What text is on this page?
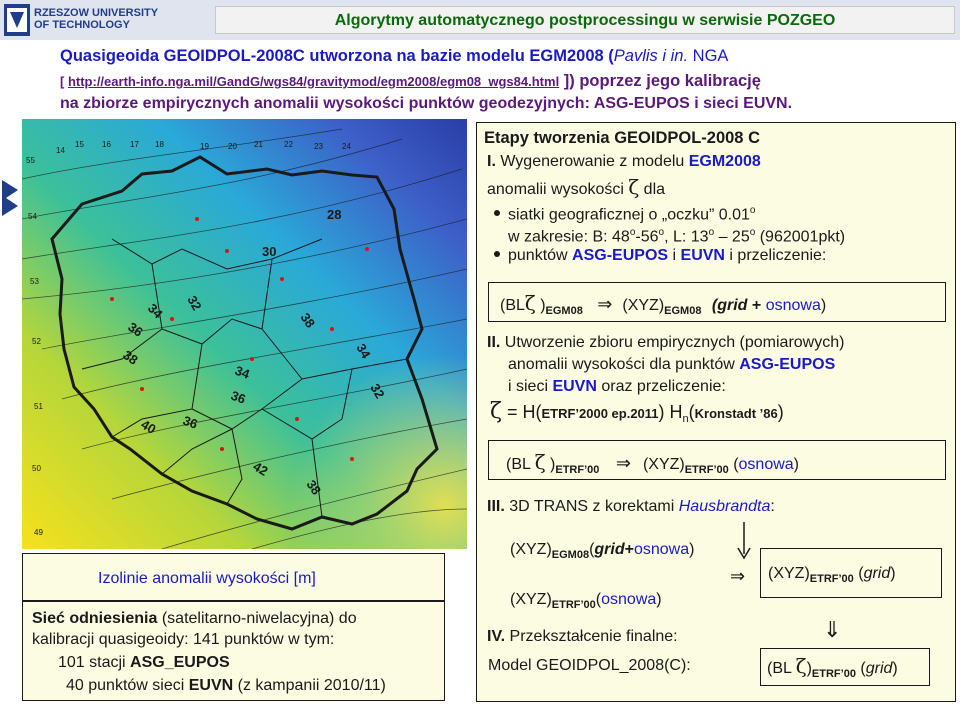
RZESZOW UNIVERSITY
OF TECHNOLOGY	Algorytmy automatycznego postprocessingu w serwisie POZGEO
Quasigeoida GEOIDPOL-2008C utworzona na bazie modelu EGM2008 (Pavlis i in. NGA
[ http://earth-info.nga.mil/GandG/wgs84/gravitymod/egm2008/egm08_wgs84.html ]) poprzez jego kalibrację
na zbiorze empirycznych anomalii wysokości punktów geodezyjnych: ASG-EUPOS i sieci EUVN.
14
15 16 17 18	19 20 21	22	23 24
55
54
53
52
51
50
49
28
30
34 32
36
38
34
36
38
34
32
36
40
42
38
Etapy tworzenia GEOIDPOL-2008 C
I. Wygenerowanie z modelu EGM2008
anomalii wysokości ζ dla
siatki geograficznej o „oczku” 0.01$^o$
w zakresie: B: 48$^o$-56$^o$, L: 13$^o$ – 25$^o$ (962001pkt)
punktów ASG-EUPOS i EUVN i przeliczenie:
(BLζ )$_{EGM08}$ ⇒ $(XYZ)_{EGM08}$ (grid + osnowa)
II. Utworzenie zbioru empirycznych (pomiarowych)
anomalii wysokości dla punktów ASG-EUPOS
i sieci EUVN oraz przeliczenie:
ζ = H(ETRF’2000 ep.2011) $H_n(Kronstadt$ ’86)
(BL ζ )$_{ETRF’00}$ ⇒ $(XYZ)_{ETRF’00}$ (osnowa)
III. 3D TRANS z korektami Hausbrandta:
$(XYZ)_{EGM08}(grid+osnowa)$
⇒ $(XYZ)_{ETRF’00}$ (grid)
$(XYZ)_{ETRF’00}(osnowa)$
IV. Przekształcenie finalne:	⇓
Model GEOIDPOL_2008(C):	(BL $\zeta)_{ETRF’00}$ (grid)
Izolinie anomalii wysokości [m]
Sieć odniesienia (satelitarno-niwelacyjna) do
kalibracji quasigeoidy: 141 punktów w tym:
101 stacji ASG_EUPOS
40 punktów sieci EUVN (z kampanii 2010/11)
